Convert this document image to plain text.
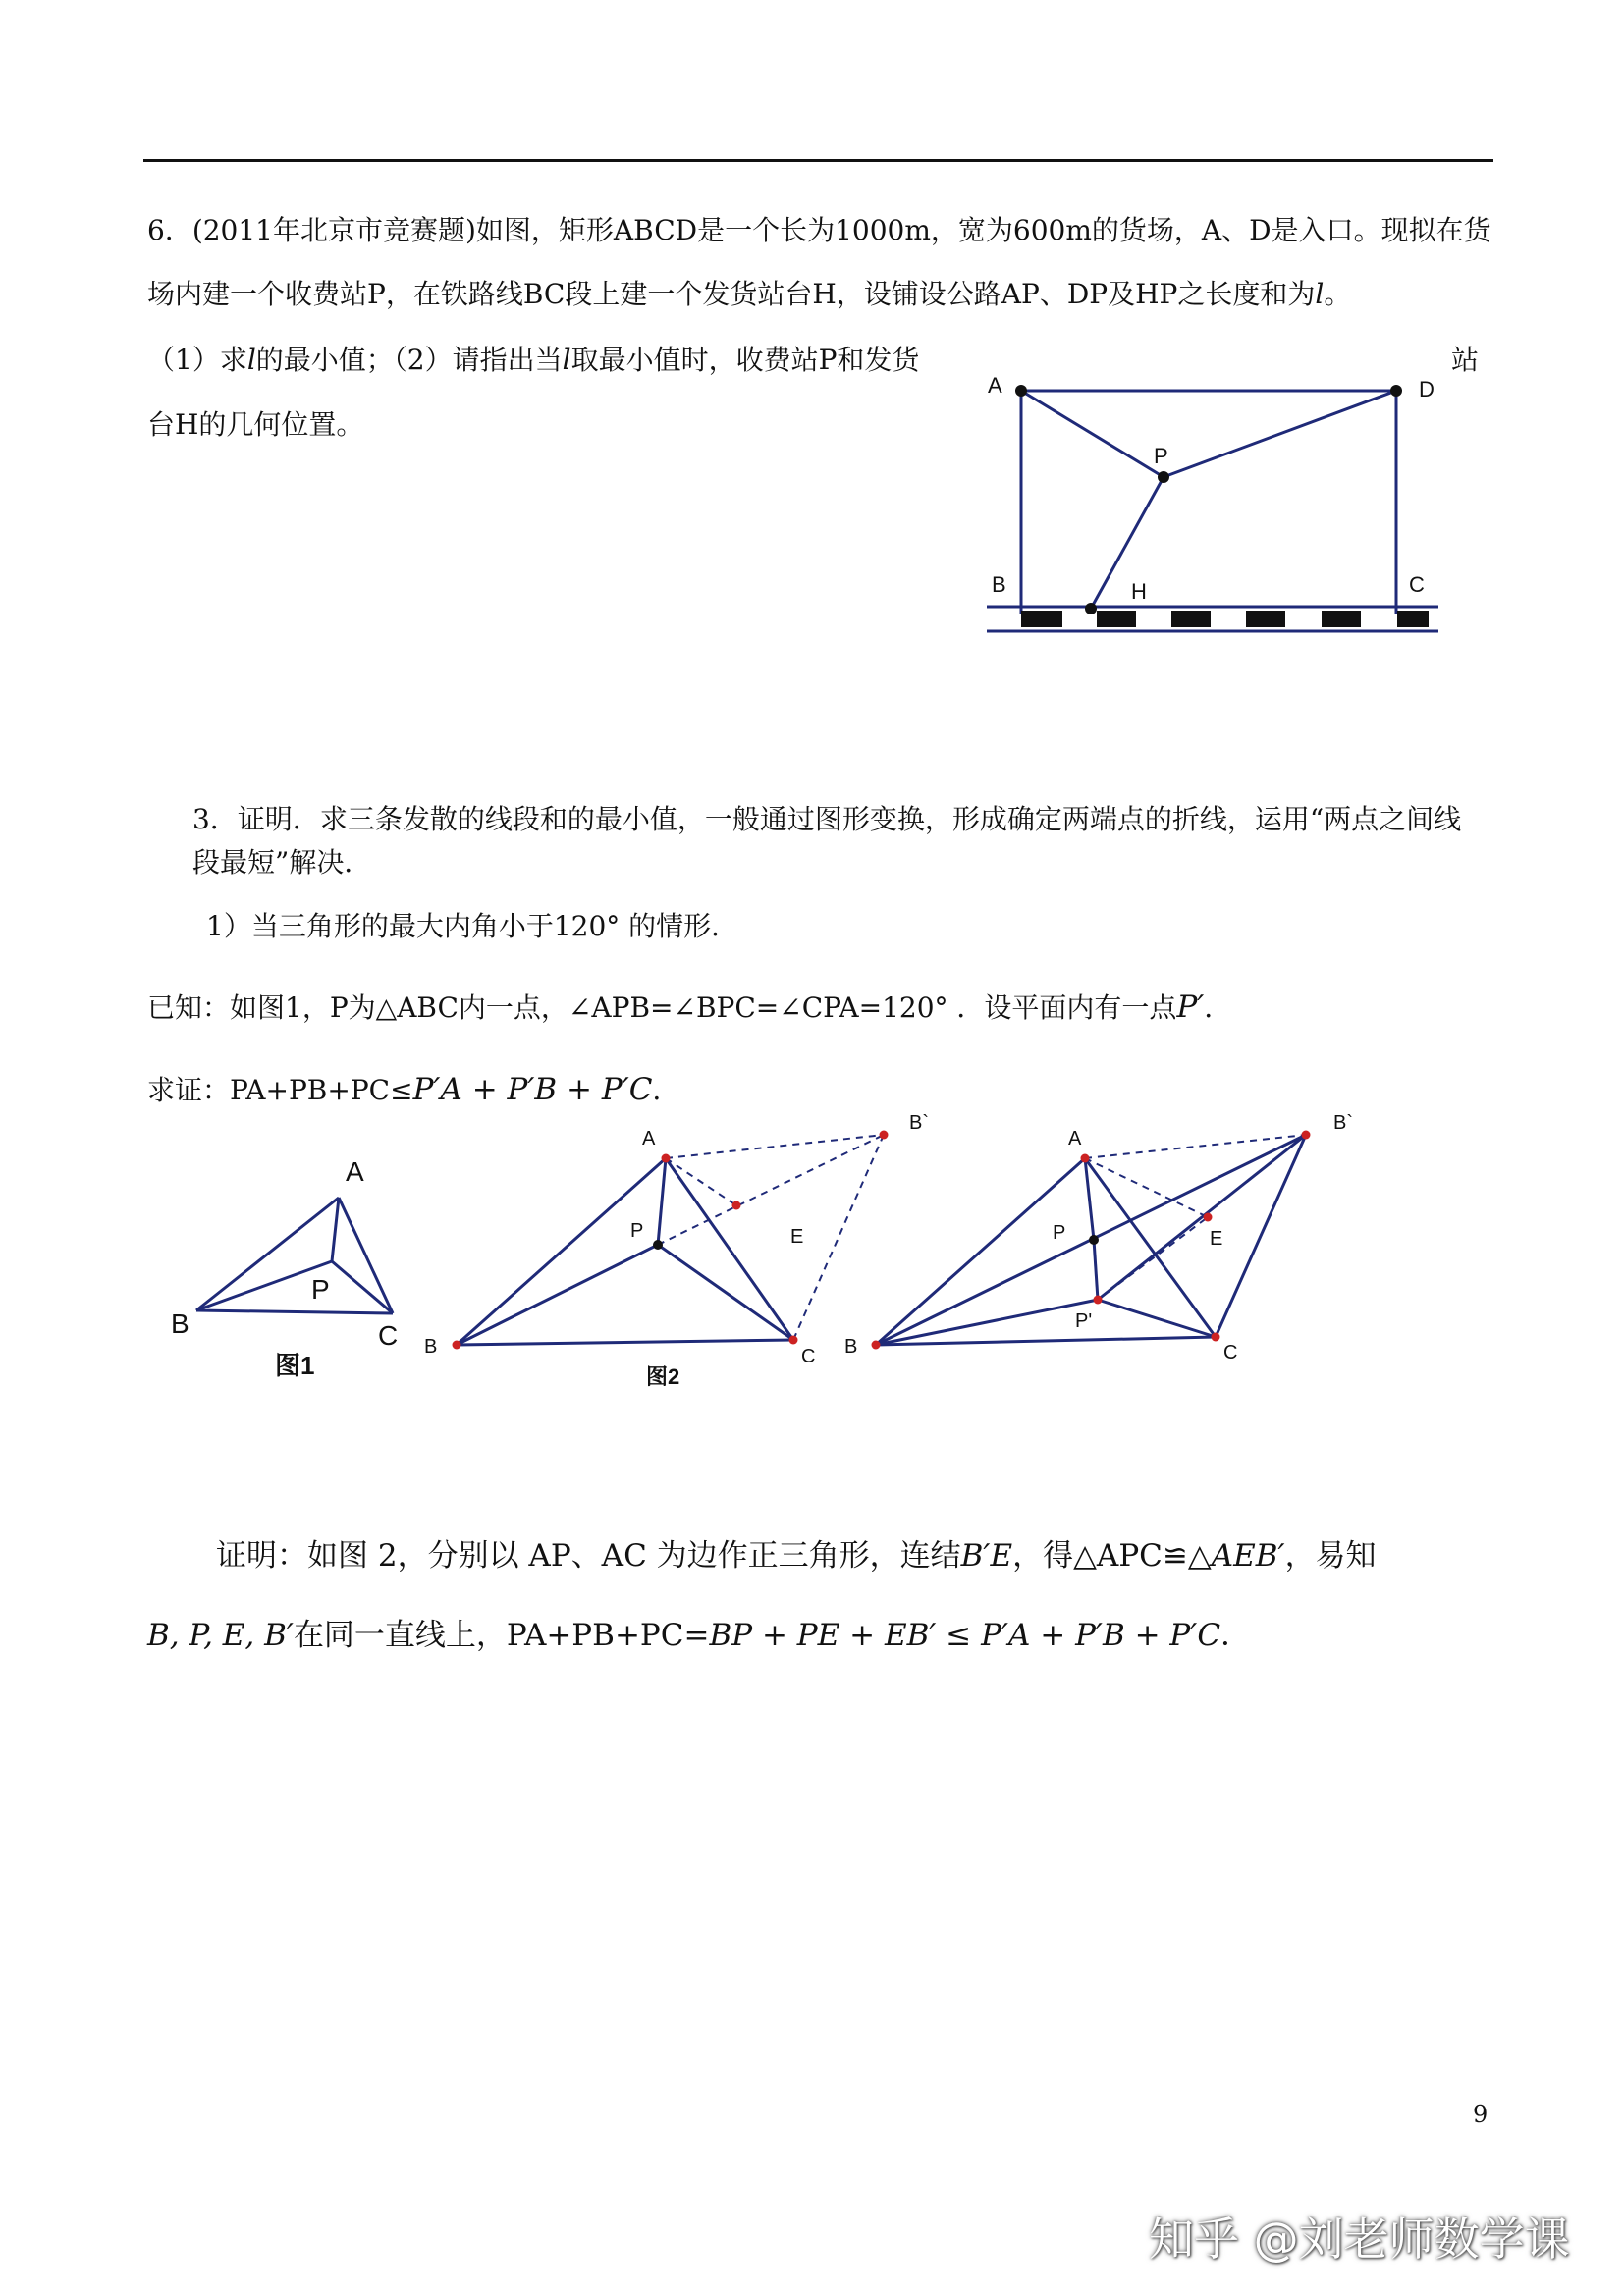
6．(2011年北京市竞赛题)如图，矩形ABCD是一个长为1000m，宽为600m的货场，A、D是入口。现拟在货
场内建一个收费站P，在铁路线BC段上建一个发货站台H，设铺设公路AP、DP及HP之长度和为l。
（1）求l的最小值；（2）请指出当l取最小值时，收费站P和发货	站
台H的几何位置。
A	D
P
B	H	C
3．证明．求三条发散的线段和的最小值，一般通过图形变换，形成确定两端点的折线，运用“两点之间线
段最短”解决．
1）当三角形的最大内角小于120° 的情形．
已知：如图1，P为△ABC内一点，∠APB=∠BPC=∠CPA=120° ．设平面内有一点P′．
求证：PA+PB+PC≤P′A + P′B + P′C．
A
B	C
P
图1
A
B`
P	E
B	C
图2
A
B`
P	E
B	C
P'
证明：如图 2，分别以 AP、AC 为边作正三角形，连结B′E，得△APC≌△AEB′，易知
B, P, E, B′在同一直线上，PA+PB+PC=BP + PE + EB′ ≤ P′A + P′B + P′C．
9
知乎 @刘老师数学课
